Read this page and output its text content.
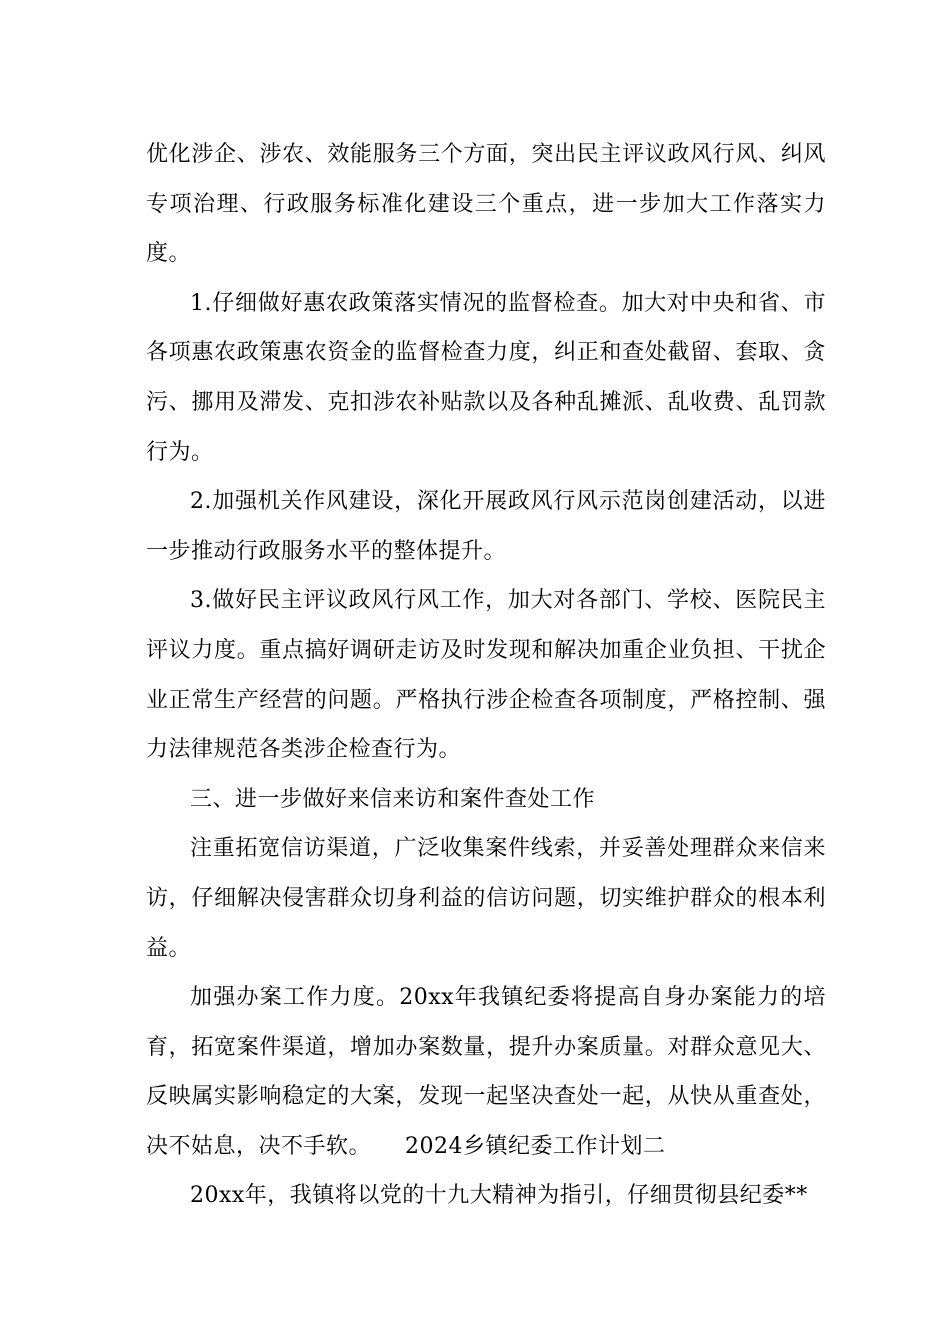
优化涉企、涉农、效能服务三个方面，突出民主评议政风行风、纠风专项治理、行政服务标准化建设三个重点，进一步加大工作落实力度。

1.仔细做好惠农政策落实情况的监督检查。加大对中央和省、市各项惠农政策惠农资金的监督检查力度，纠正和查处截留、套取、贪污、挪用及滞发、克扣涉农补贴款以及各种乱摊派、乱收费、乱罚款行为。

2.加强机关作风建设，深化开展政风行风示范岗创建活动，以进一步推动行政服务水平的整体提升。

3.做好民主评议政风行风工作，加大对各部门、学校、医院民主评议力度。重点搞好调研走访及时发现和解决加重企业负担、干扰企业正常生产经营的问题。严格执行涉企检查各项制度，严格控制、强力法律规范各类涉企检查行为。

三、进一步做好来信来访和案件查处工作

注重拓宽信访渠道，广泛收集案件线索，并妥善处理群众来信来访，仔细解决侵害群众切身利益的信访问题，切实维护群众的根本利益。

加强办案工作力度。20xx年我镇纪委将提高自身办案能力的培育，拓宽案件渠道，增加办案数量，提升办案质量。对群众意见大、反映属实影响稳定的大案，发现一起坚决查处一起，从快从重查处，决不姑息，决不手软。　　2024乡镇纪委工作计划二

20xx年，我镇将以党的十九大精神为指引，仔细贯彻县纪委**
